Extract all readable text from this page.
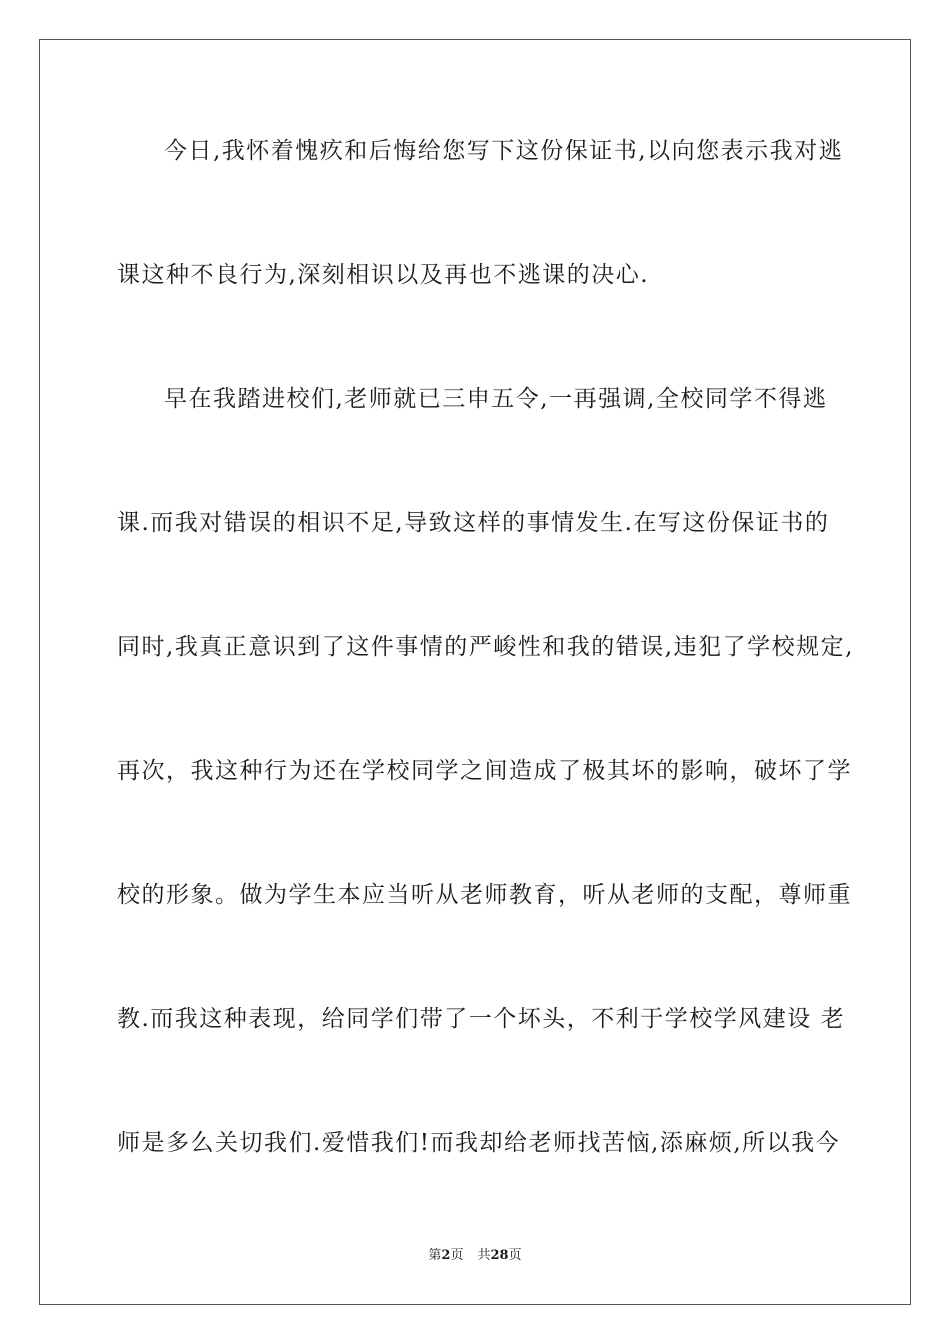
今日,我怀着愧疚和后悔给您写下这份保证书,以向您表示我对逃
课这种不良行为,深刻相识以及再也不逃课的决心.
早在我踏进校们,老师就已三申五令,一再强调,全校同学不得逃
课.而我对错误的相识不足,导致这样的事情发生.在写这份保证书的
同时,我真正意识到了这件事情的严峻性和我的错误,违犯了学校规定,
再次，我这种行为还在学校同学之间造成了极其坏的影响，破坏了学
校的形象。做为学生本应当听从老师教育，听从老师的支配，尊师重
教.而我这种表现，给同学们带了一个坏头，不利于学校学风建设 老
师是多么关切我们.爱惜我们!而我却给老师找苦恼,添麻烦,所以我今
第2页 共28页
